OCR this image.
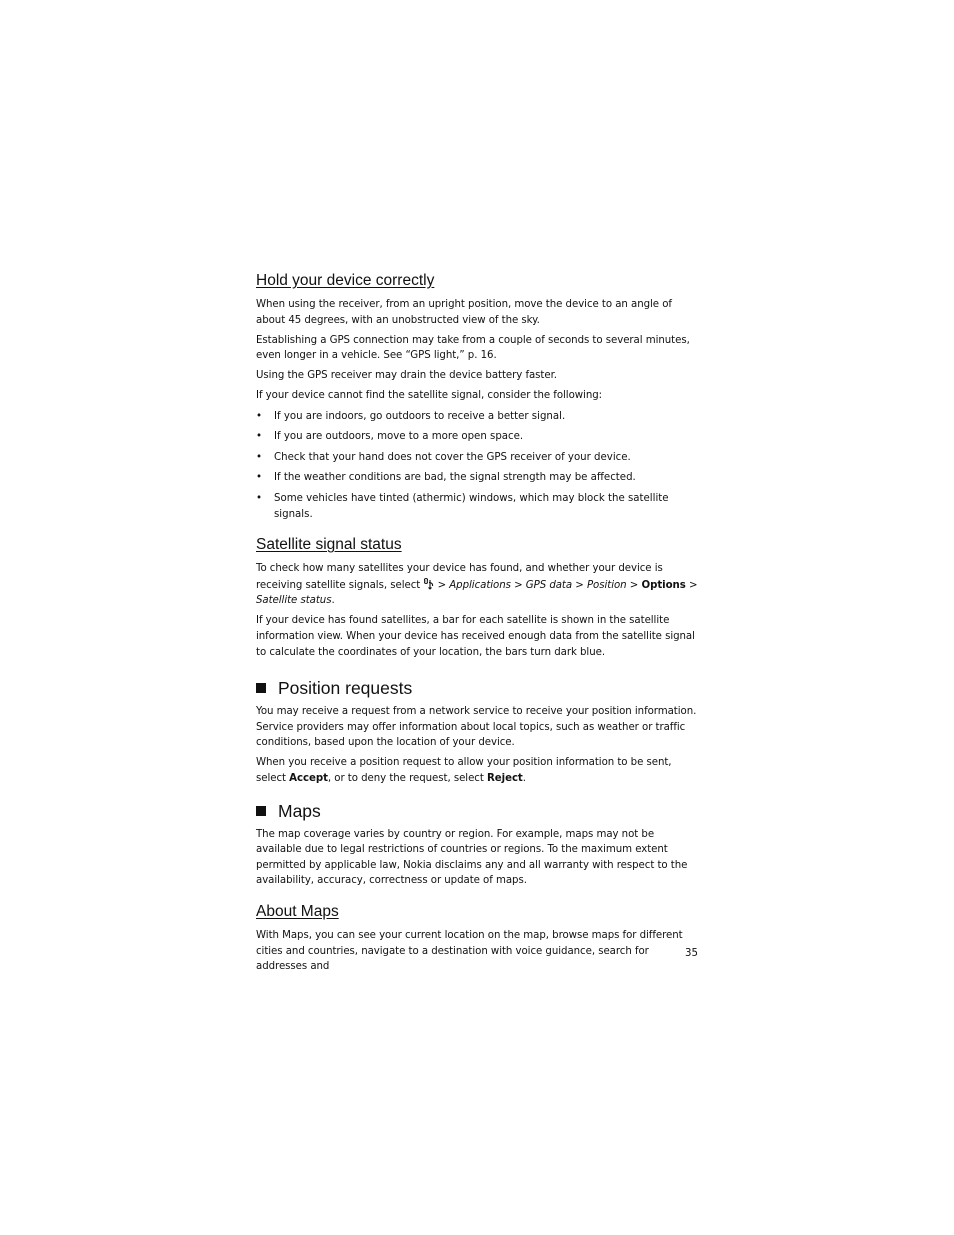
Hold your device correctly

When using the receiver, from an upright position, move the device to an angle of about 45 degrees, with an unobstructed view of the sky.

Establishing a GPS connection may take from a couple of seconds to several minutes, even longer in a vehicle. See “GPS light,” p. 16.

Using the GPS receiver may drain the device battery faster.

If your device cannot find the satellite signal, consider the following:

• If you are indoors, go outdoors to receive a better signal.
• If you are outdoors, move to a more open space.
• Check that your hand does not cover the GPS receiver of your device.
• If the weather conditions are bad, the signal strength may be affected.
• Some vehicles have tinted (athermic) windows, which may block the satellite signals.
Satellite signal status

To check how many satellites your device has found, and whether your device is receiving satellite signals, select  > Applications > GPS data > Position > Options > Satellite status.

If your device has found satellites, a bar for each satellite is shown in the satellite information view. When your device has received enough data from the satellite signal to calculate the coordinates of your location, the bars turn dark blue.

Position requests

You may receive a request from a network service to receive your position information. Service providers may offer information about local topics, such as weather or traffic conditions, based upon the location of your device.

When you receive a position request to allow your position information to be sent, select Accept, or to deny the request, select Reject.

Maps

The map coverage varies by country or region. For example, maps may not be available due to legal restrictions of countries or regions. To the maximum extent permitted by applicable law, Nokia disclaims any and all warranty with respect to the availability, accuracy, correctness or update of maps.

About Maps

With Maps, you can see your current location on the map, browse maps for different cities and countries, navigate to a destination with voice guidance, search for addresses and

35
